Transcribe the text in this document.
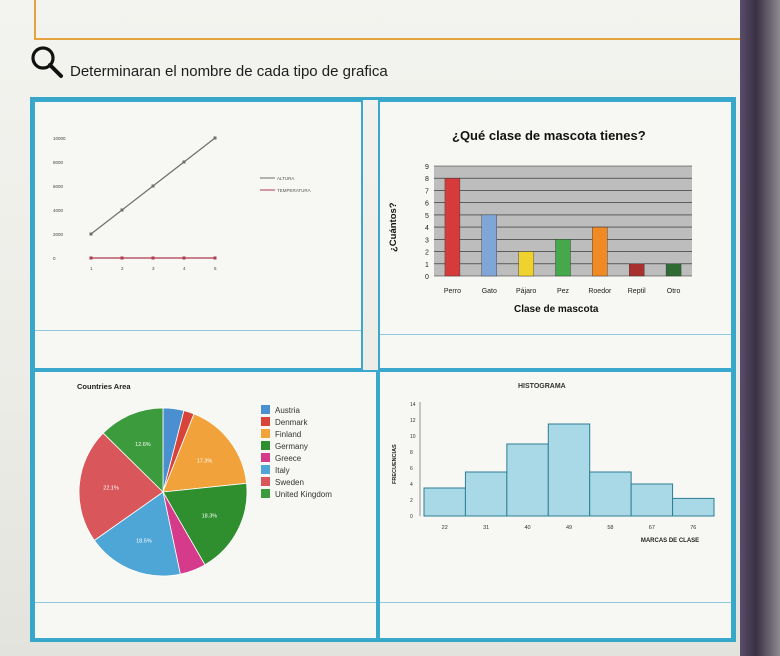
Determinaran el nombre de cada tipo de grafica
0
2000
4000
6000
8000
10000
1	2	3	4	5
ALTURA
TEMPERATURA
¿Qué clase de mascota tienes?
0
1
2
3
4
5
6
7
8
9
Perro	Gato	Pájaro	Pez	Roedor Reptil	Otro
¿Cuántos?
Clase de mascota
Countries Area
17.3%
18.3%
18.5%
22.1%
12.6%
Austria
Denmark
Finland
Germany
Greece
Italy
Sweden
United Kingdom
HISTOGRAMA
0
2
4
6
8
10
12
14
22	31	40	49	58	67	76
FRECUENCIAS
MARCAS DE CLASE
